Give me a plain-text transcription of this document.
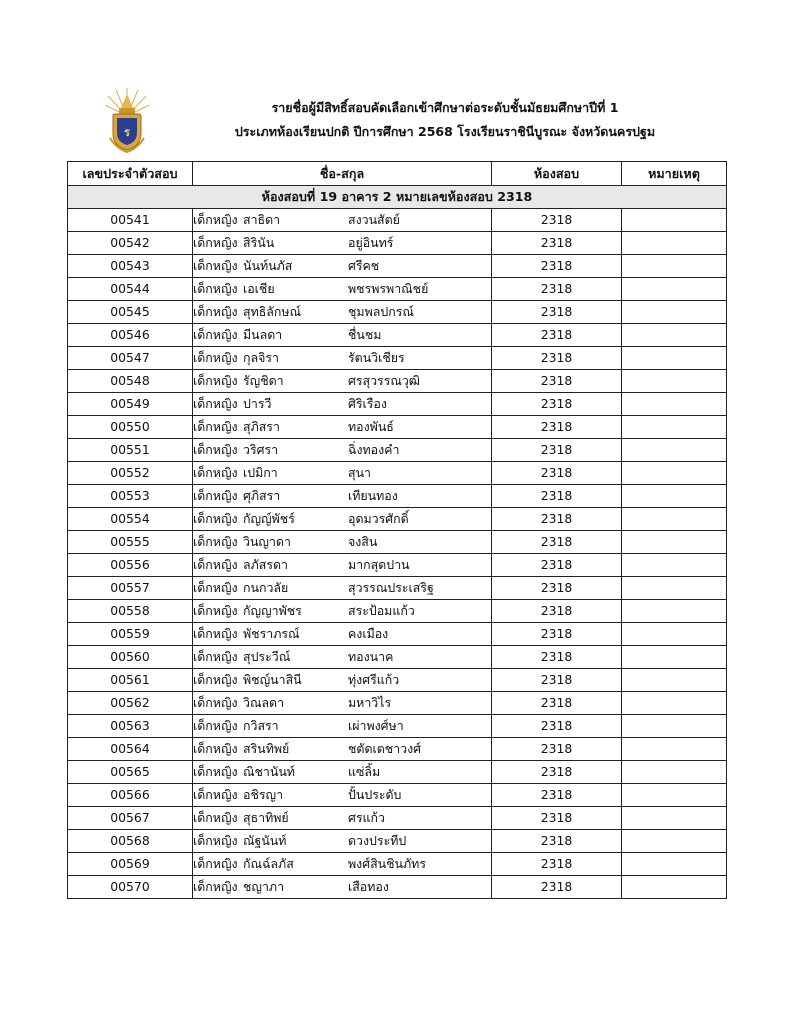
ร
รายชื่อผู้มีสิทธิ์สอบคัดเลือกเข้าศึกษาต่อระดับชั้นมัธยมศึกษาปีที่ 1
ประเภทห้องเรียนปกติ ปีการศึกษา 2568 โรงเรียนราชินีบูรณะ จังหวัดนครปฐม
เลขประจำตัวสอบ	ชื่อ-สกุล	ห้องสอบ	หมายเหตุ
ห้องสอบที่ 19 อาคาร 2 หมายเลขห้องสอบ 2318			
00541	เด็กหญิง สาธิดา สงวนสัตย์	2318	
00542	เด็กหญิง สิรินัน อยู่อินทร์	2318	
00543	เด็กหญิง นันท์นภัส ศรีคช	2318	
00544	เด็กหญิง เอเชีย พชรพรพาณิชย์	2318	
00545	เด็กหญิง สุทธิลักษณ์ ชุมพลปกรณ์	2318	
00546	เด็กหญิง มีนลดา ชื่นชม	2318	
00547	เด็กหญิง กุลจิรา รัตนวิเชียร	2318	
00548	เด็กหญิง รัญชิดา ศรสุวรรณวุฒิ	2318	
00549	เด็กหญิง ปารวี ศิริเรือง	2318	
00550	เด็กหญิง สุภิสรา ทองพันธ์	2318	
00551	เด็กหญิง วริศรา ฉิ่งทองคำ	2318	
00552	เด็กหญิง เปมิกา สุนา	2318	
00553	เด็กหญิง ศุภิสรา เทียนทอง	2318	
00554	เด็กหญิง กัญญ์พัชร์ อุดมวรศักดิ์	2318	
00555	เด็กหญิง วินญาดา จงสิน	2318	
00556	เด็กหญิง ลภัสรดา มากสุดปาน	2318	
00557	เด็กหญิง กนกวลัย สุวรรณประเสริฐ	2318	
00558	เด็กหญิง กัญญาพัชร สระป้อมแก้ว	2318	
00559	เด็กหญิง พัชราภรณ์ คงเมือง	2318	
00560	เด็กหญิง สุประวีณ์ ทองนาค	2318	
00561	เด็กหญิง พิชญ์นาสินี ทุ่งศรีแก้ว	2318	
00562	เด็กหญิง วิณลดา มหาวิไร	2318	
00563	เด็กหญิง กวิสรา เผ่าพงศ์ษา	2318	
00564	เด็กหญิง สรินทิพย์ ชตัดเตชาวงศ์	2318	
00565	เด็กหญิง ณิชานันท์ แซ่ลิ้ม	2318	
00566	เด็กหญิง อชิรญา ปั้นประดับ	2318	
00567	เด็กหญิง สุธาทิพย์ ศรแก้ว	2318	
00568	เด็กหญิง ณัฐนันท์ ดวงประทีป	2318	
00569	เด็กหญิง กัณฉ์ลภัส พงศ์สินชินภัทร	2318	
00570	เด็กหญิง ชญาภา เสือทอง	2318	
